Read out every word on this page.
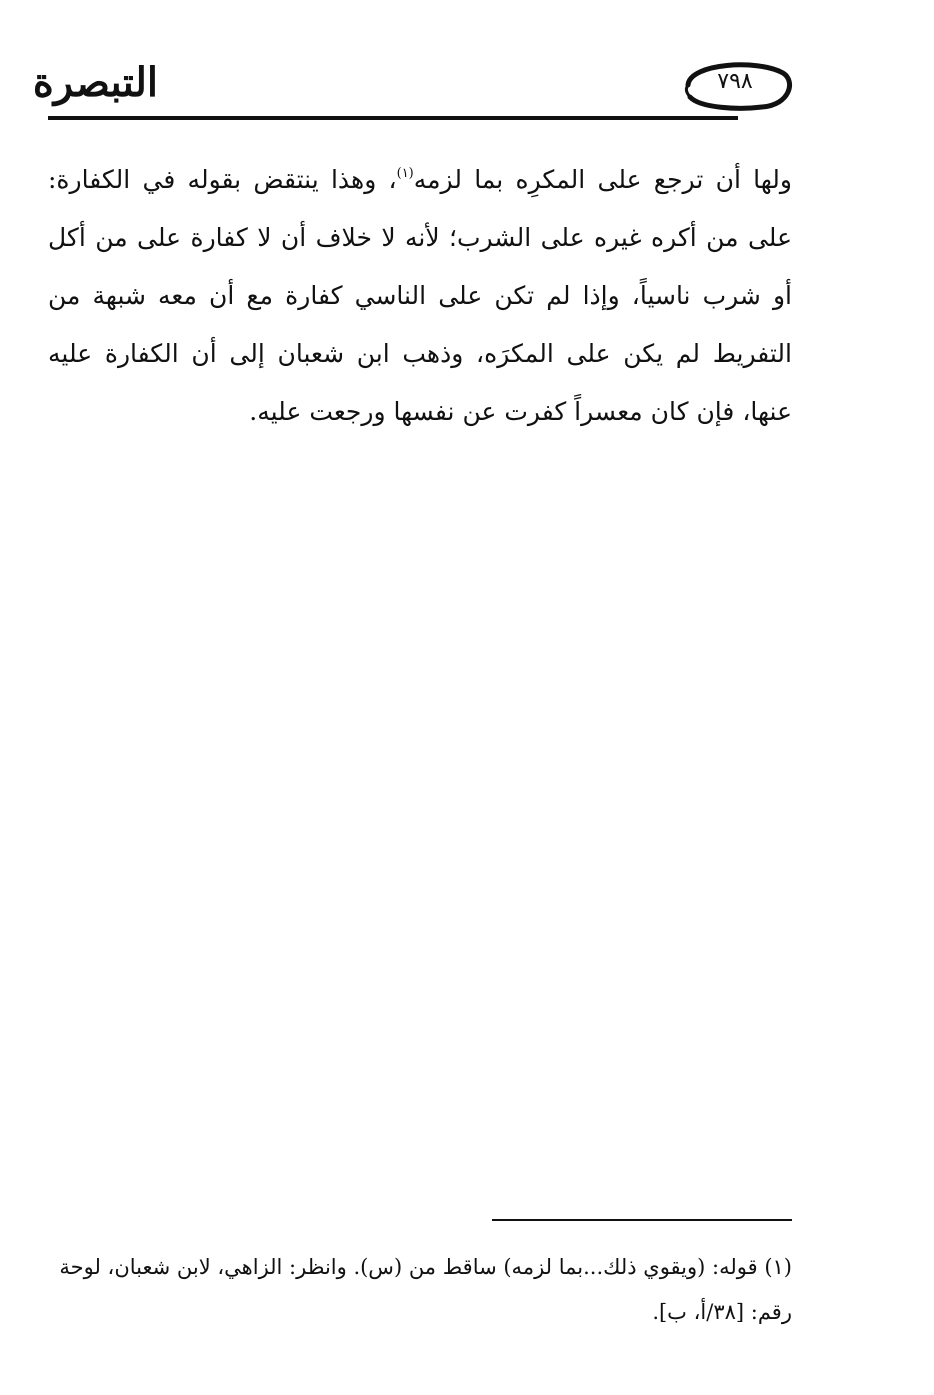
التبصرة	٧٩٨

ولها أن ترجع على المكرِه بما لزمه$^{(١)}$، وهذا ينتقض بقوله في الكفارة: على من أكره غيره على الشرب؛ لأنه لا خلاف أن لا كفارة على من أكل أو شرب ناسياً، وإذا لم تكن على الناسي كفارة مع أن معه شبهة من التفريط لم يكن على المكرَه، وذهب ابن شعبان إلى أن الكفارة عليه عنها، فإن كان معسراً كفرت عن نفسها ورجعت عليه.

(١) قوله: (ويقوي ذلك...بما لزمه) ساقط من (س). وانظر: الزاهي، لابن شعبان، لوحة رقم: [٣٨/أ، ب].
